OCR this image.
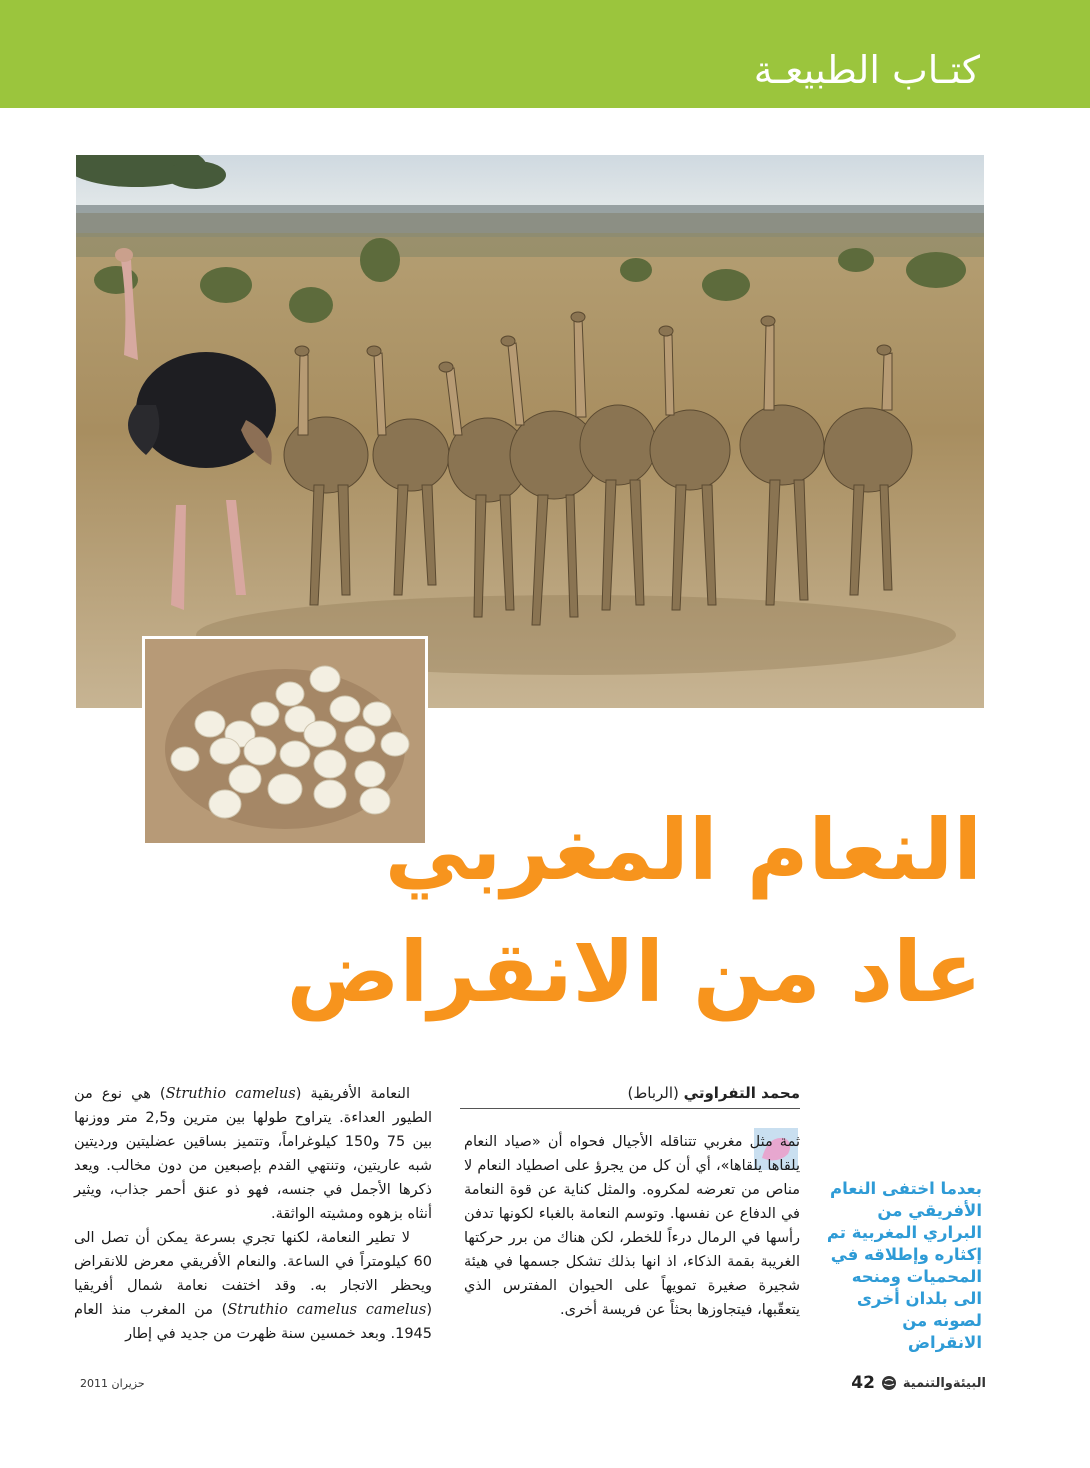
كتـاب الطبيعـة
النعام المغربي
عاد من الانقراض
محمد التفراوتي (الرباط)

ثمة مثل مغربي تتناقله الأجيال فحواه أن «صياد النعام يلقاها يلقاها»، أي أن كل من يجرؤ على اصطياد النعام لا مناص من تعرضه لمكروه. والمثل كناية عن قوة النعامة في الدفاع عن نفسها. وتوسم النعامة بالغباء لكونها تدفن رأسها في الرمال درءاً للخطر، لكن هناك من برر حركتها الغريبة بقمة الذكاء، اذ انها بذلك تشكل جسمها في هيئة شجيرة صغيرة تمويهاً على الحيوان المفترس الذي يتعقّبها، فيتجاوزها بحثاً عن فريسة أخرى.

النعامة الأفريقية (Struthio camelus) هي نوع من الطيور العداءة. يتراوح طولها بين مترين و2,5 متر ووزنها بين 75 و150 كيلوغراماً، وتتميز بساقين عضليتين ورديتين شبه عاريتين، وتنتهي القدم بإصبعين من دون مخالب. ويعد ذكرها الأجمل في جنسه، فهو ذو عنق أحمر جذاب، ويثير أنثاه بزهوه ومشيته الواثقة.

لا تطير النعامة، لكنها تجري بسرعة يمكن أن تصل الى 60 كيلومتراً في الساعة. والنعام الأفريقي معرض للانقراض ويحظر الاتجار به. وقد اختفت نعامة شمال أفريقيا (Struthio camelus camelus) من المغرب منذ العام 1945. وبعد خمسين سنة ظهرت من جديد في إطار

بعدما اختفى النعام الأفريقي من البراري المغربية تم إكثاره وإطلاقه في المحميات ومنحه الى بلدان أخرى لصونه من الانقراض
حزيران 2011	البيئةوالتنمية
42
